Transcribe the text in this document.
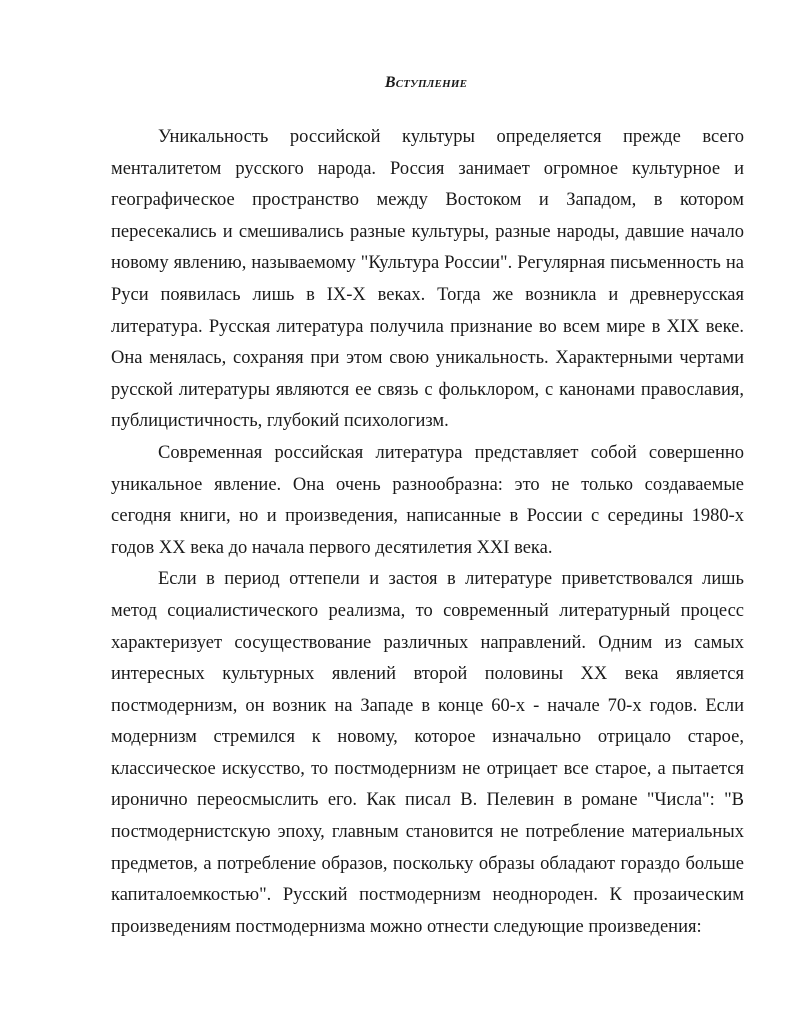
Вступление

Уникальность российской культуры определяется прежде всего менталитетом русского народа. Россия занимает огромное культурное и географическое пространство между Востоком и Западом, в котором пересекались и смешивались разные культуры, разные народы, давшие начало новому явлению, называемому "Культура России". Регулярная письменность на Руси появилась лишь в IX-X веках. Тогда же возникла и древнерусская литература. Русская литература получила признание во всем мире в XIX веке. Она менялась, сохраняя при этом свою уникальность. Характерными чертами русской литературы являются ее связь с фольклором, с канонами православия, публицистичность, глубокий психологизм.

Современная российская литература представляет собой совершенно уникальное явление. Она очень разнообразна: это не только создаваемые сегодня книги, но и произведения, написанные в России с середины 1980-х годов XX века до начала первого десятилетия XXI века.

Если в период оттепели и застоя в литературе приветствовался лишь метод социалистического реализма, то современный литературный процесс характеризует сосуществование различных направлений. Одним из самых интересных культурных явлений второй половины XX века является постмодернизм, он возник на Западе в конце 60-х - начале 70-х годов. Если модернизм стремился к новому, которое изначально отрицало старое, классическое искусство, то постмодернизм не отрицает все старое, а пытается иронично переосмыслить его. Как писал В. Пелевин в романе "Числа": "В постмодернистскую эпоху, главным становится не потребление материальных предметов, а потребление образов, поскольку образы обладают гораздо больше капиталоемкостью". Русский постмодернизм неоднороден. К прозаическим произведениям постмодернизма можно отнести следующие произведения:
